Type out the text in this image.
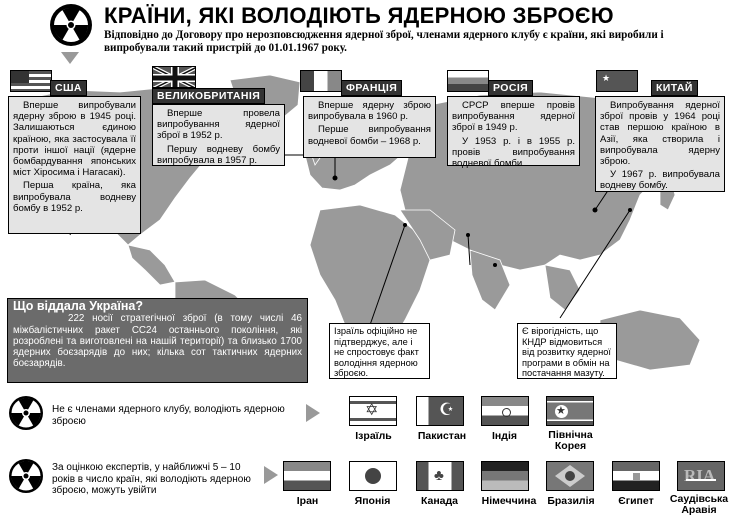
КРАЇНИ, ЯКІ ВОЛОДІЮТЬ ЯДЕРНОЮ ЗБРОЄЮ
Відповідно до Договору про нерозповсюдження ядерної зброї, членами ядерного клубу є країни, які виробили і випробували такий пристрій до 01.01.1967 року.
США

Вперше випробували ядерну зброю в 1945 році. Залишаються єдиною країною, яка застосувала її проти іншої нації (ядерне бомбардування японських міст Хіросима і Нагасакі).

Перша країна, яка випробувала водневу бомбу в 1952 р.

ВЕЛИКОБРИТАНІЯ

Вперше провела випробування ядерної зброї в 1952 р.

Першу водневу бомбу випробувала в 1957 р.

ФРАНЦІЯ

Вперше ядерну зброю випробувала в 1960 р.

Перше випробування водневої бомби – 1968 р.

РОСІЯ

СРСР вперше провів випробування ядерної зброї в 1949 р.

У 1953 р. і в 1955 р. провів випробування водневої бомби.

★
КИТАЙ

Випробування ядерної зброї провів у 1964 році став першою країною в Азії, яка створила і випробувала ядерну зброю.

У 1967 р. випробувала водневу бомбу.

Що віддала Україна?
222 носії стратегічної зброї (в тому числі 46 міжбалістичних ракет СС24 останнього покоління, які розроблені та виготовлені на нашій території) та близько 1700 ядерних боєзарядів до них; кілька сот тактичних ядерних боєзарядів.
Ізраїль офіційно не підтверджує, але і не спростовує факт володіння ядерною зброєю.
Є вірогідність, що КНДР відмовиться від розвитку ядерної програми в обмін на постачання мазуту.
Не є членами ядерного клубу, володіють ядерною зброєю
✡
Ізраїль
☪
Пакистан	Індія
★
Північна Корея
За оцінкою експертів, у найближчі 5 – 10 років в число країн, які володіють ядерною зброєю, можуть увійти
Іран	Японія
♣
Канада	Німеччина	Бразилія	Єгипет	Саудівська Аравія
RIA
